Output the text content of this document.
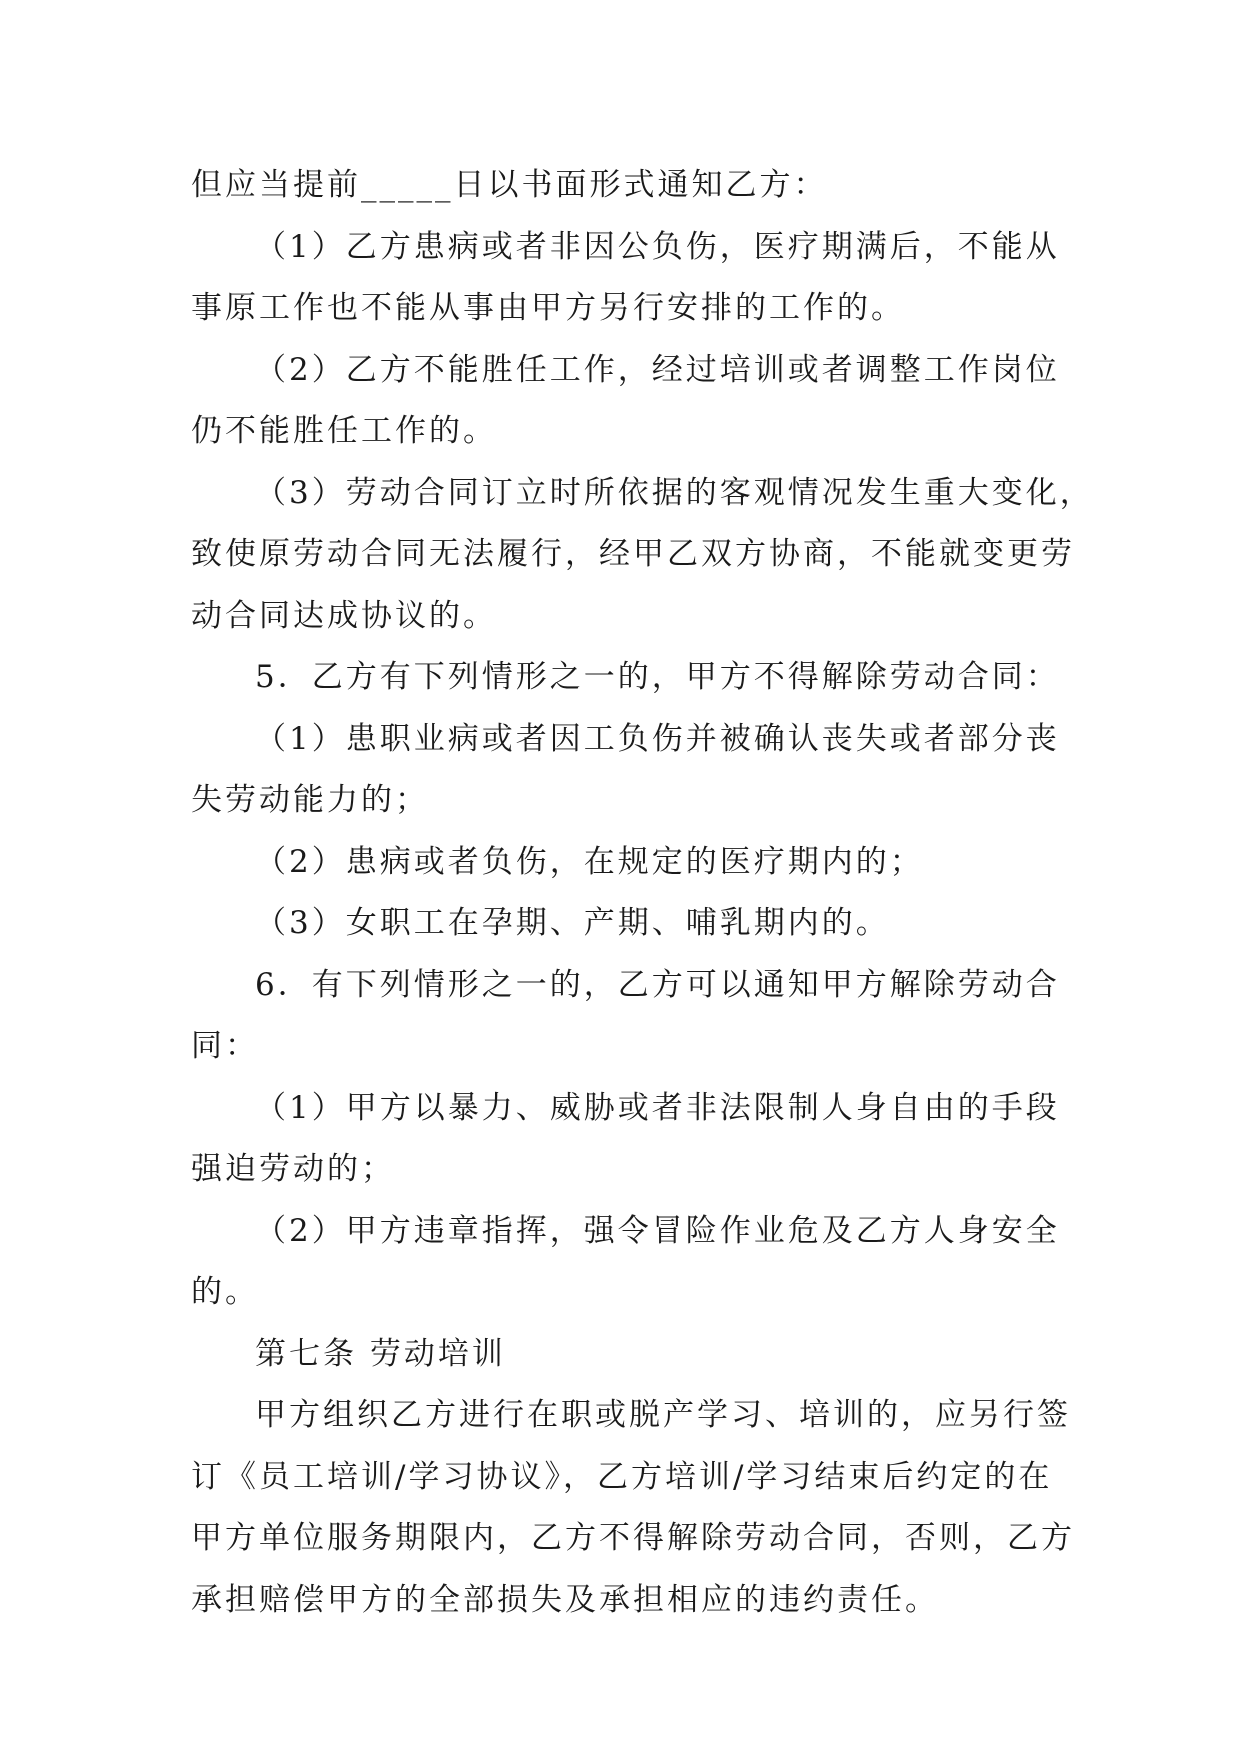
但应当提前_____日以书面形式通知乙方：
（1）乙方患病或者非因公负伤，医疗期满后，不能从
事原工作也不能从事由甲方另行安排的工作的。
（2）乙方不能胜任工作，经过培训或者调整工作岗位
仍不能胜任工作的。
（3）劳动合同订立时所依据的客观情况发生重大变化，
致使原劳动合同无法履行，经甲乙双方协商，不能就变更劳
动合同达成协议的。
5．乙方有下列情形之一的，甲方不得解除劳动合同：
（1）患职业病或者因工负伤并被确认丧失或者部分丧
失劳动能力的；
（2）患病或者负伤，在规定的医疗期内的；
（3）女职工在孕期、产期、哺乳期内的。
6．有下列情形之一的，乙方可以通知甲方解除劳动合
同：
（1）甲方以暴力、威胁或者非法限制人身自由的手段
强迫劳动的；
（2）甲方违章指挥，强令冒险作业危及乙方人身安全
的。
第七条 劳动培训
甲方组织乙方进行在职或脱产学习、培训的，应另行签
订《员工培训/学习协议》，乙方培训/学习结束后约定的在
甲方单位服务期限内，乙方不得解除劳动合同，否则，乙方
承担赔偿甲方的全部损失及承担相应的违约责任。
